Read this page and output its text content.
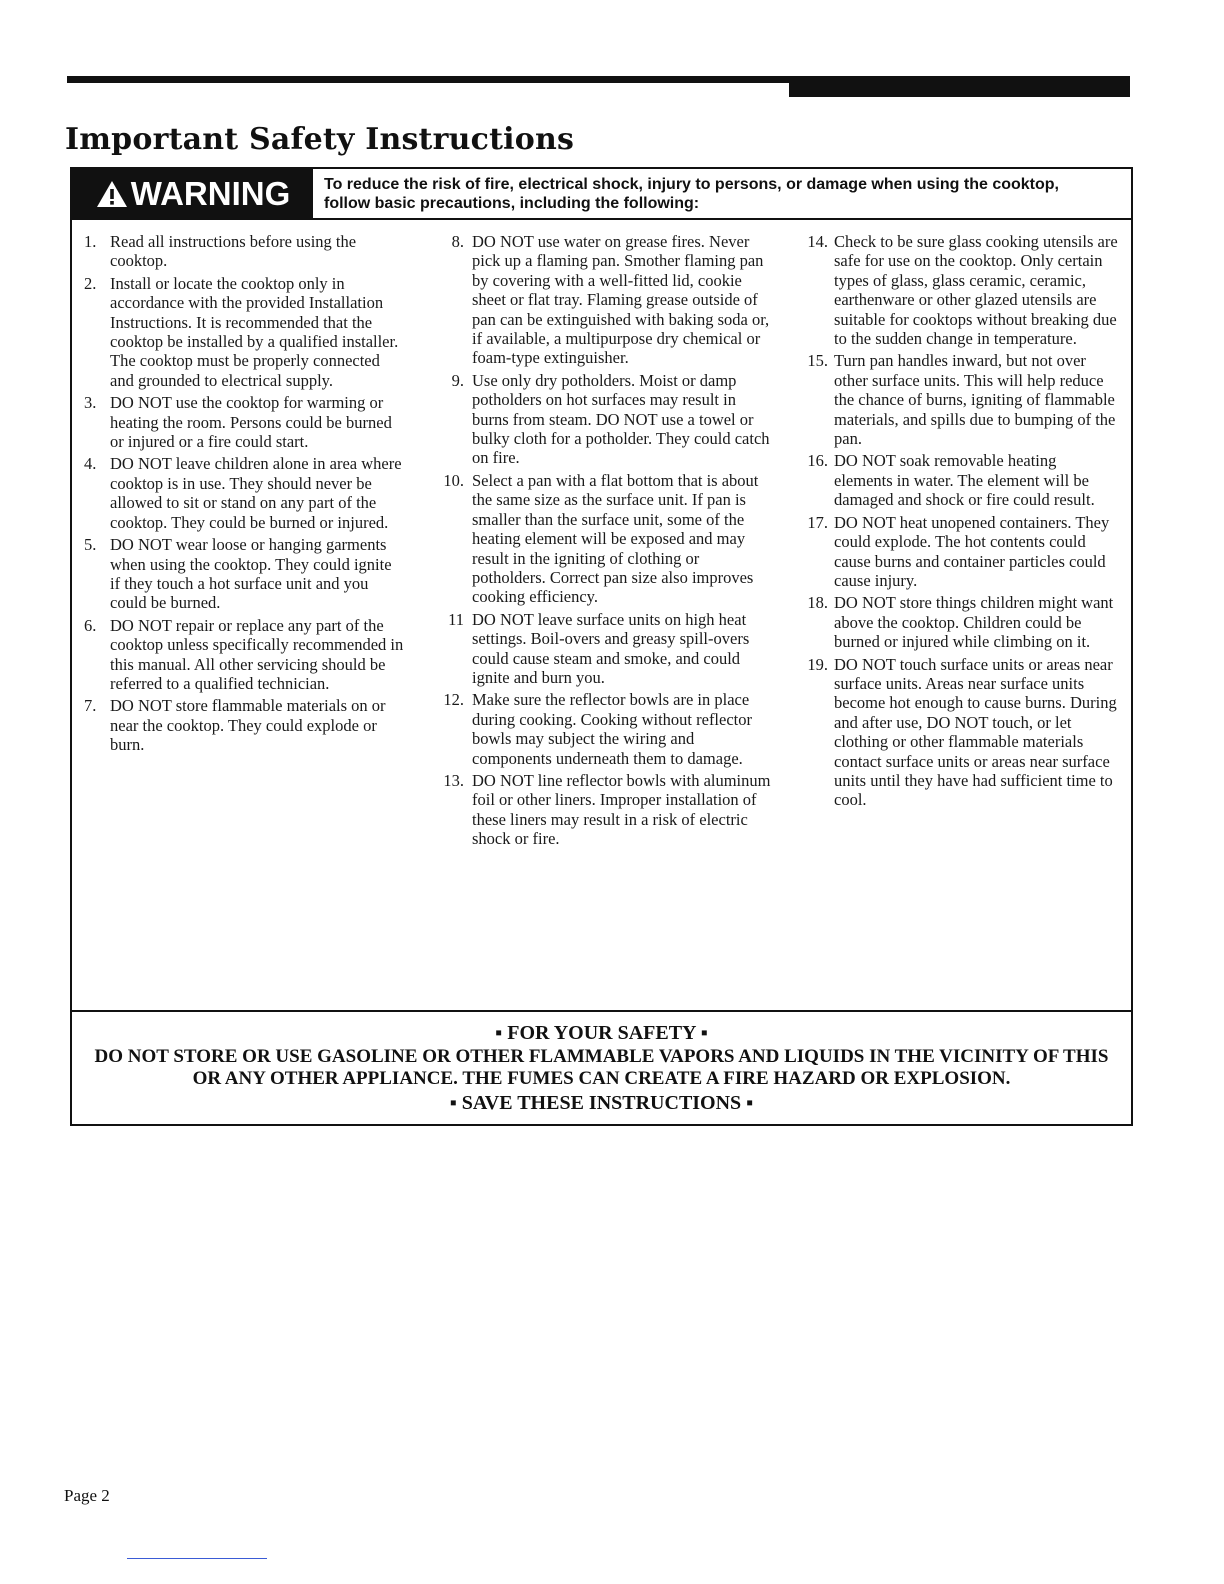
Important Safety Instructions
WARNING To reduce the risk of fire, electrical shock, injury to persons, or damage when using the cooktop, follow basic precautions, including the following:
1. Read all instructions before using the cooktop.
2. Install or locate the cooktop only in accordance with the provided Installation Instructions. It is recommended that the cooktop be installed by a qualified installer. The cooktop must be properly connected and grounded to electrical supply.
3. DO NOT use the cooktop for warming or heating the room. Persons could be burned or injured or a fire could start.
4. DO NOT leave children alone in area where cooktop is in use. They should never be allowed to sit or stand on any part of the cooktop. They could be burned or injured.
5. DO NOT wear loose or hanging garments when using the cooktop. They could ignite if they touch a hot surface unit and you could be burned.
6. DO NOT repair or replace any part of the cooktop unless specifically recommended in this manual. All other servicing should be referred to a qualified technician.
7. DO NOT store flammable materials on or near the cooktop. They could explode or burn.
8. DO NOT use water on grease fires. Never pick up a flaming pan. Smother flaming pan by covering with a well-fitted lid, cookie sheet or flat tray. Flaming grease outside of pan can be extinguished with baking soda or, if available, a multipurpose dry chemical or foam-type extinguisher.
9. Use only dry potholders. Moist or damp potholders on hot surfaces may result in burns from steam. DO NOT use a towel or bulky cloth for a potholder. They could catch on fire.
10. Select a pan with a flat bottom that is about the same size as the surface unit. If pan is smaller than the surface unit, some of the heating element will be exposed and may result in the igniting of clothing or potholders. Correct pan size also improves cooking efficiency.
11 DO NOT leave surface units on high heat settings. Boil-overs and greasy spill-overs could cause steam and smoke, and could ignite and burn you.
12. Make sure the reflector bowls are in place during cooking. Cooking without reflector bowls may subject the wiring and components underneath them to damage.
13. DO NOT line reflector bowls with aluminum foil or other liners. Improper installation of these liners may result in a risk of electric shock or fire.
14. Check to be sure glass cooking utensils are safe for use on the cooktop. Only certain types of glass, glass ceramic, ceramic, earthenware or other glazed utensils are suitable for cooktops without breaking due to the sudden change in temperature.
15. Turn pan handles inward, but not over other surface units. This will help reduce the chance of burns, igniting of flammable materials, and spills due to bumping of the pan.
16. DO NOT soak removable heating elements in water. The element will be damaged and shock or fire could result.
17. DO NOT heat unopened containers. They could explode. The hot contents could cause burns and container particles could cause injury.
18. DO NOT store things children might want above the cooktop. Children could be burned or injured while climbing on it.
19. DO NOT touch surface units or areas near surface units. Areas near surface units become hot enough to cause burns. During and after use, DO NOT touch, or let clothing or other flammable materials contact surface units or areas near surface units until they have had sufficient time to cool.
▪ FOR YOUR SAFETY ▪
DO NOT STORE OR USE GASOLINE OR OTHER FLAMMABLE VAPORS AND LIQUIDS IN THE VICINITY OF THIS OR ANY OTHER APPLIANCE. THE FUMES CAN CREATE A FIRE HAZARD OR EXPLOSION.
▪ SAVE THESE INSTRUCTIONS ▪
Page 2
